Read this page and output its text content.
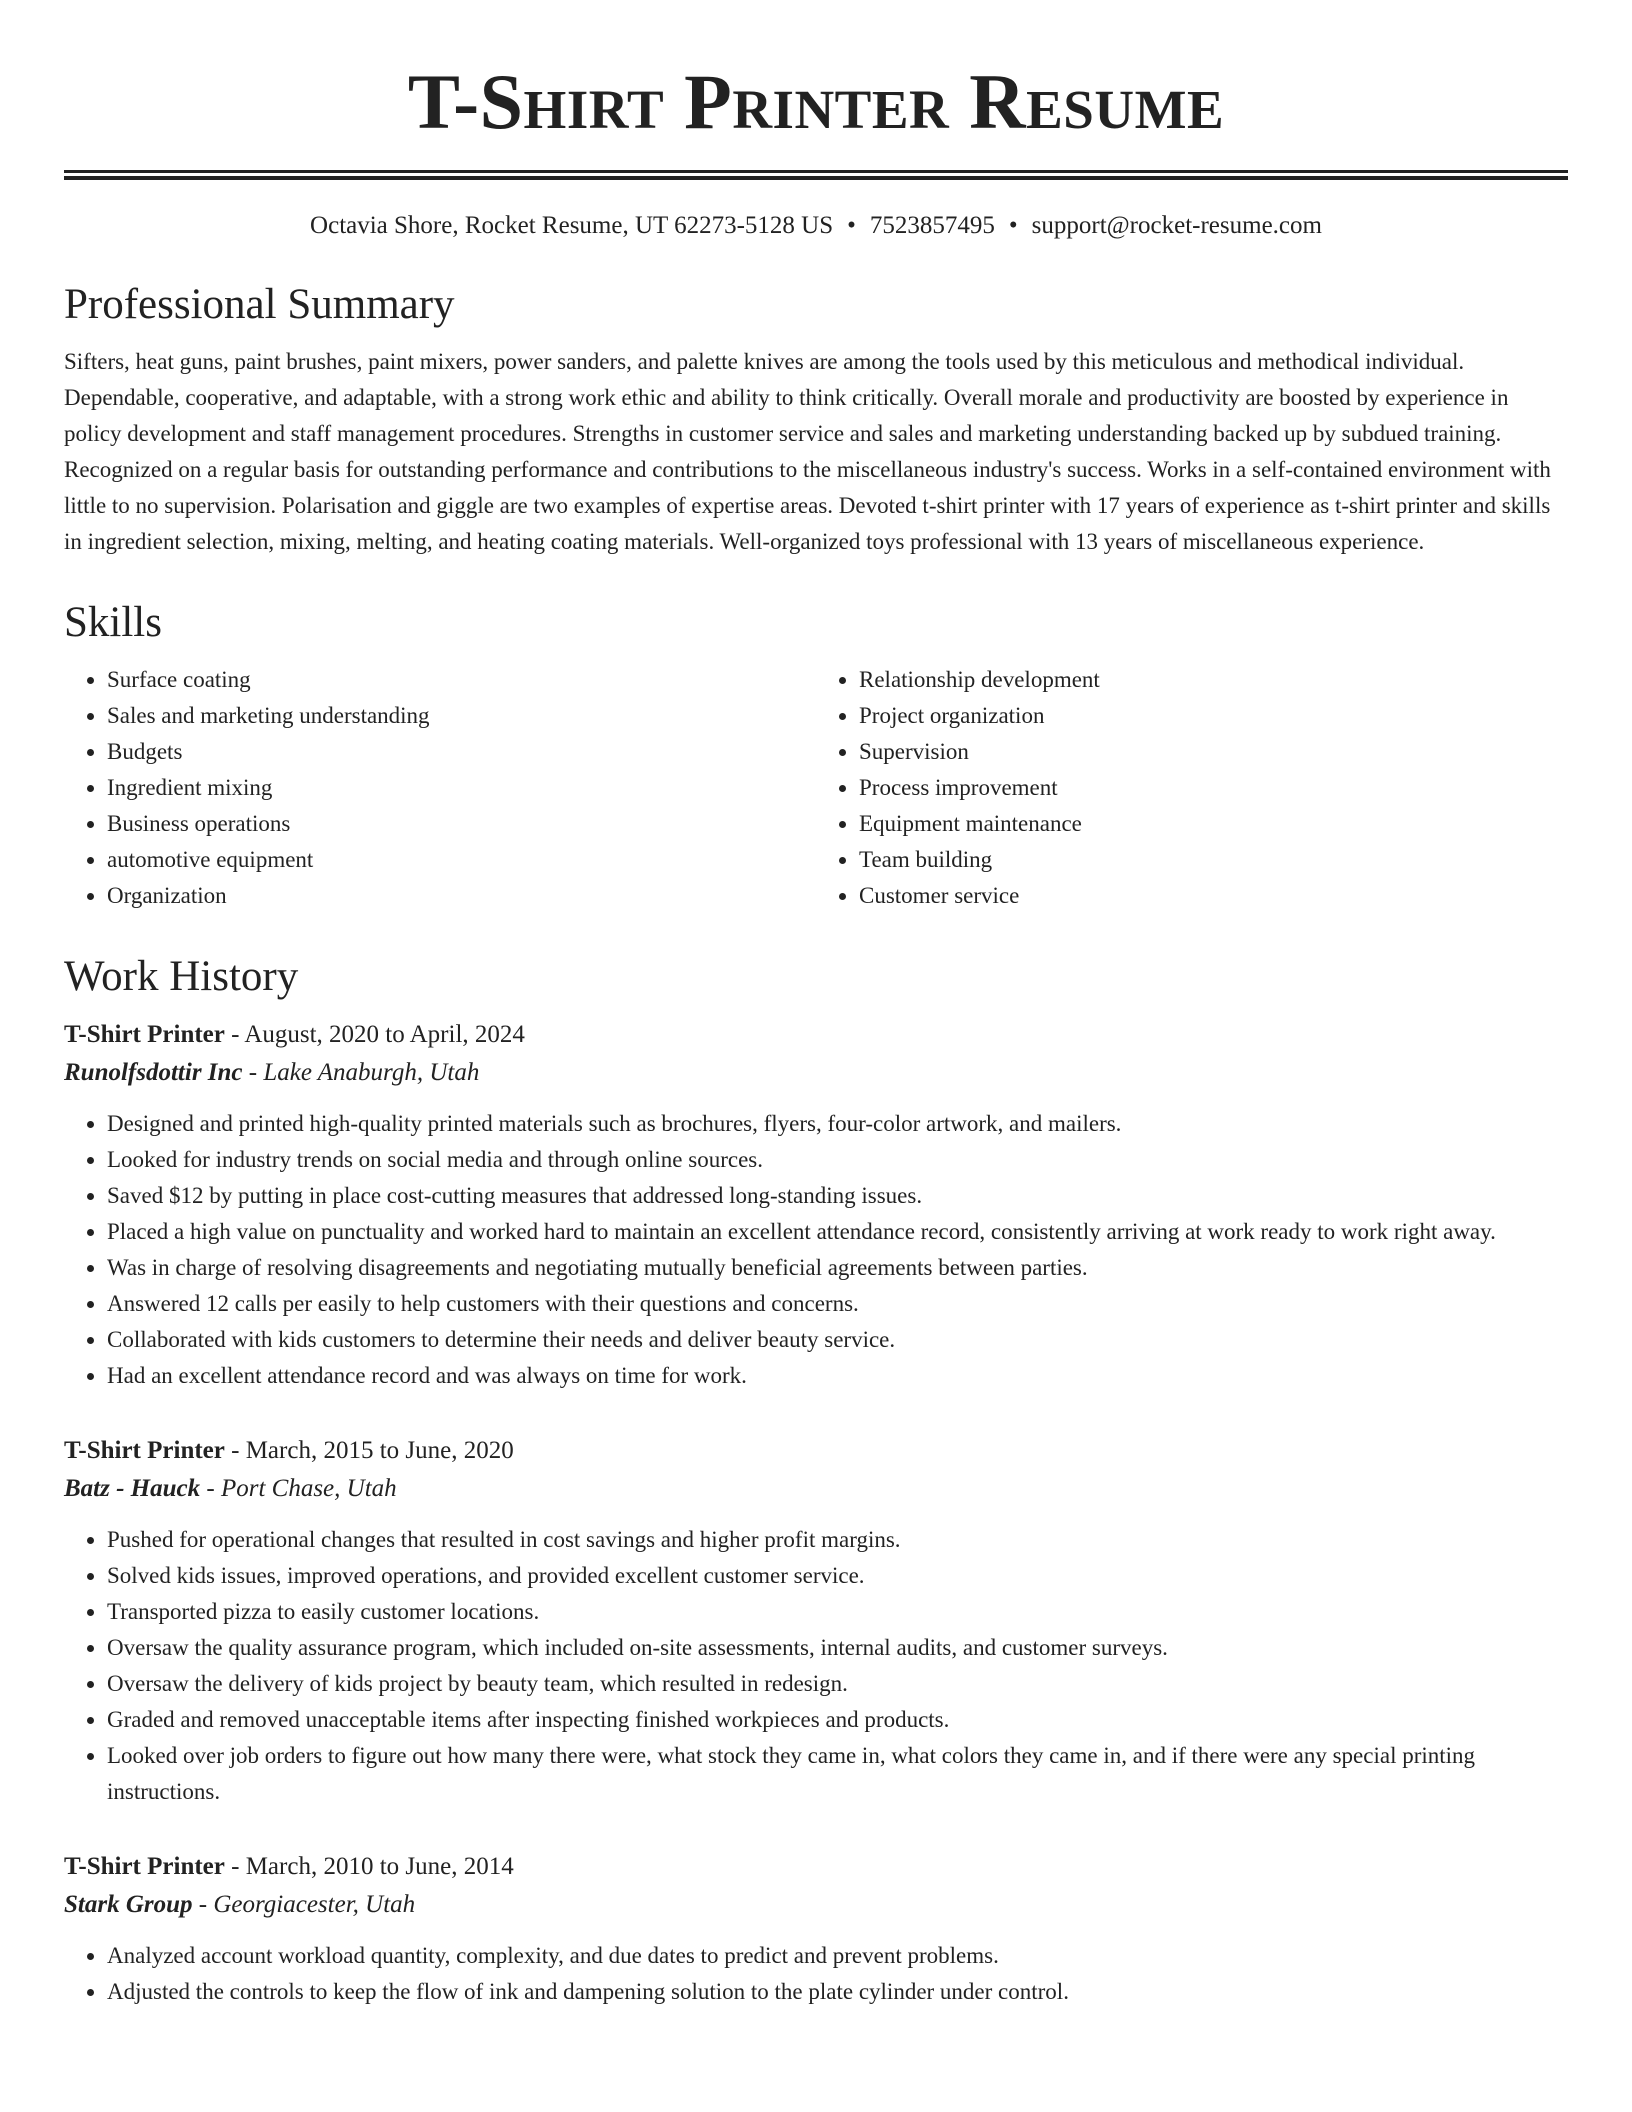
T-Shirt Printer Resume
Octavia Shore, Rocket Resume, UT 62273-5128 US • 7523857495 • support@rocket-resume.com
Professional Summary

Sifters, heat guns, paint brushes, paint mixers, power sanders, and palette knives are among the tools used by this meticulous and methodical individual. Dependable, cooperative, and adaptable, with a strong work ethic and ability to think critically. Overall morale and productivity are boosted by experience in policy development and staff management procedures. Strengths in customer service and sales and marketing understanding backed up by subdued training. Recognized on a regular basis for outstanding performance and contributions to the miscellaneous industry's success. Works in a self-contained environment with little to no supervision. Polarisation and giggle are two examples of expertise areas. Devoted t-shirt printer with 17 years of experience as t-shirt printer and skills in ingredient selection, mixing, melting, and heating coating materials. Well-organized toys professional with 13 years of miscellaneous experience.

Skills
• Surface coating
• Sales and marketing understanding
• Budgets
• Ingredient mixing
• Business operations
• automotive equipment
• Organization
• Relationship development
• Project organization
• Supervision
• Process improvement
• Equipment maintenance
• Team building
• Customer service
Work History
T-Shirt Printer - August, 2020 to April, 2024
Runolfsdottir Inc - Lake Anaburgh, Utah
• Designed and printed high-quality printed materials such as brochures, flyers, four-color artwork, and mailers.
• Looked for industry trends on social media and through online sources.
• Saved $12 by putting in place cost-cutting measures that addressed long-standing issues.
• Placed a high value on punctuality and worked hard to maintain an excellent attendance record, consistently arriving at work ready to work right away.
• Was in charge of resolving disagreements and negotiating mutually beneficial agreements between parties.
• Answered 12 calls per easily to help customers with their questions and concerns.
• Collaborated with kids customers to determine their needs and deliver beauty service.
• Had an excellent attendance record and was always on time for work.
T-Shirt Printer - March, 2015 to June, 2020
Batz - Hauck - Port Chase, Utah
• Pushed for operational changes that resulted in cost savings and higher profit margins.
• Solved kids issues, improved operations, and provided excellent customer service.
• Transported pizza to easily customer locations.
• Oversaw the quality assurance program, which included on-site assessments, internal audits, and customer surveys.
• Oversaw the delivery of kids project by beauty team, which resulted in redesign.
• Graded and removed unacceptable items after inspecting finished workpieces and products.
• Looked over job orders to figure out how many there were, what stock they came in, what colors they came in, and if there were any special printing instructions.
T-Shirt Printer - March, 2010 to June, 2014
Stark Group - Georgiacester, Utah
• Analyzed account workload quantity, complexity, and due dates to predict and prevent problems.
• Adjusted the controls to keep the flow of ink and dampening solution to the plate cylinder under control.
